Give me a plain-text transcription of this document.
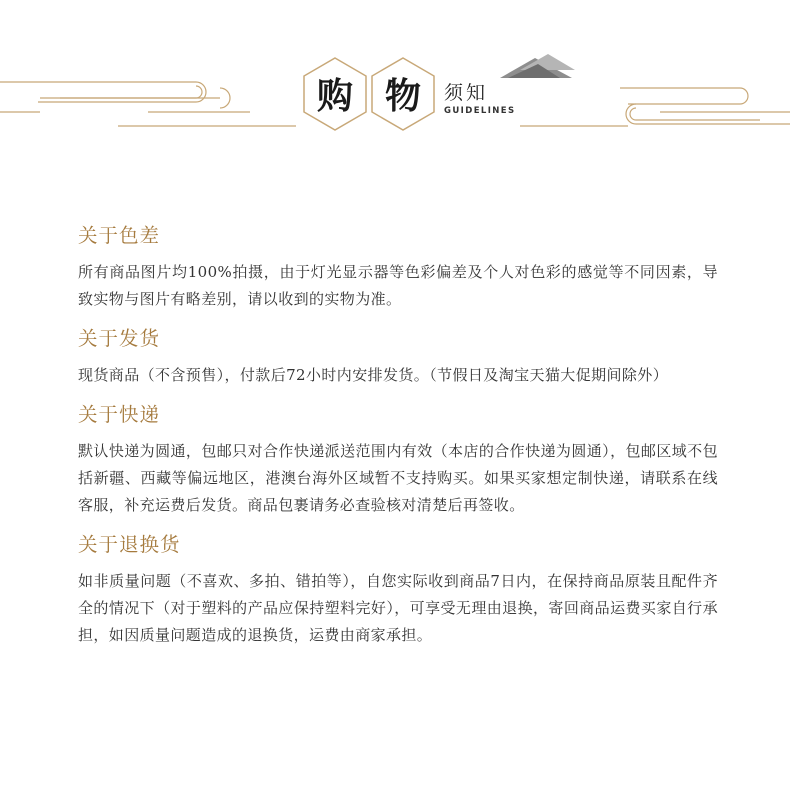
购 物	须知
GUIDELINES
关于色差

所有商品图片均100%拍摄，由于灯光显示器等色彩偏差及个人对色彩的感觉等不同因素，导致实物与图片有略差别，请以收到的实物为准。

关于发货

现货商品（不含预售），付款后72小时内安排发货。（节假日及淘宝天猫大促期间除外）

关于快递

默认快递为圆通，包邮只对合作快递派送范围内有效（本店的合作快递为圆通），包邮区域不包括新疆、西藏等偏远地区，港澳台海外区域暂不支持购买。如果买家想定制快递，请联系在线客服，补充运费后发货。商品包裹请务必查验核对清楚后再签收。

关于退换货

如非质量问题（不喜欢、多拍、错拍等），自您实际收到商品7日内，在保持商品原装且配件齐全的情况下（对于塑料的产品应保持塑料完好），可享受无理由退换，寄回商品运费买家自行承担，如因质量问题造成的退换货，运费由商家承担。
